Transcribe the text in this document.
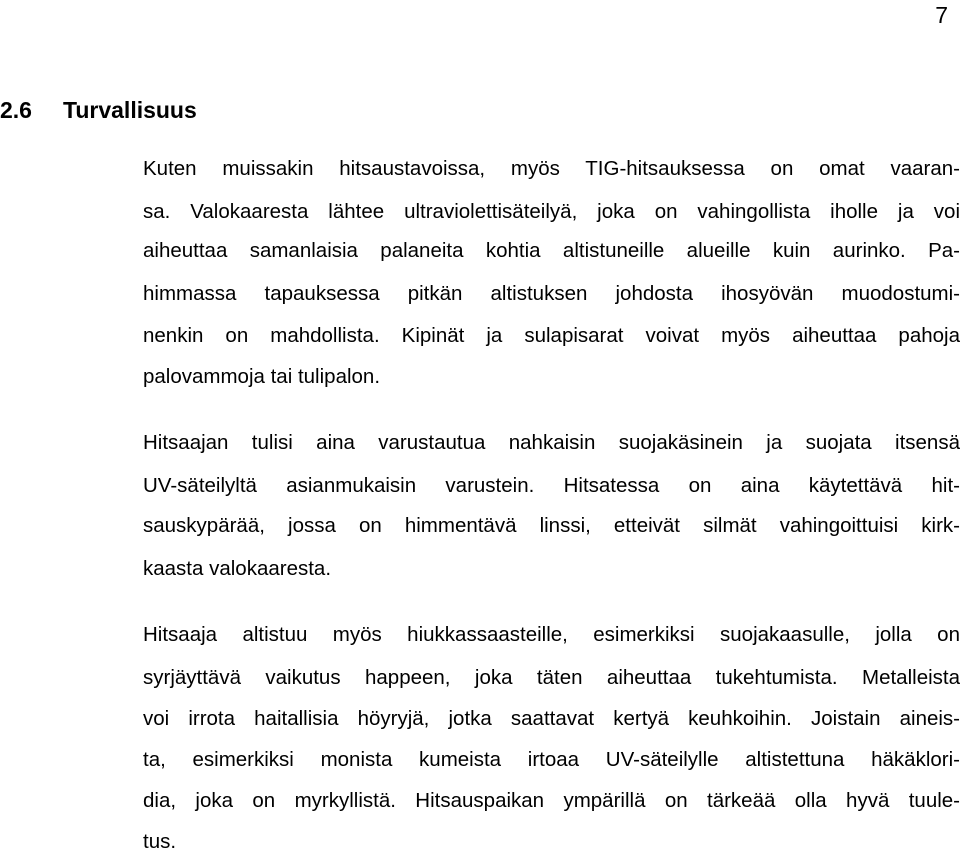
7
2.6 Turvallisuus
Kuten muissakin hitsaustavoissa, myös TIG-hitsauksessa on omat vaaran-
sa. Valokaaresta lähtee ultraviolettisäteilyä, joka on vahingollista iholle ja voi
aiheuttaa samanlaisia palaneita kohtia altistuneille alueille kuin aurinko. Pa-
himmassa tapauksessa pitkän altistuksen johdosta ihosyövän muodostumi-
nenkin on mahdollista. Kipinät ja sulapisarat voivat myös aiheuttaa pahoja
palovammoja tai tulipalon.
Hitsaajan tulisi aina varustautua nahkaisin suojakäsinein ja suojata itsensä
UV-säteilyltä asianmukaisin varustein. Hitsatessa on aina käytettävä hit-
sauskypärää, jossa on himmentävä linssi, etteivät silmät vahingoittuisi kirk-
kaasta valokaaresta.
Hitsaaja altistuu myös hiukkassaasteille, esimerkiksi suojakaasulle, jolla on
syrjäyttävä vaikutus happeen, joka täten aiheuttaa tukehtumista. Metalleista
voi irrota haitallisia höyryjä, jotka saattavat kertyä keuhkoihin. Joistain aineis-
ta, esimerkiksi monista kumeista irtoaa UV-säteilylle altistettuna häkäklori-
dia, joka on myrkyllistä. Hitsauspaikan ympärillä on tärkeää olla hyvä tuule-
tus.
